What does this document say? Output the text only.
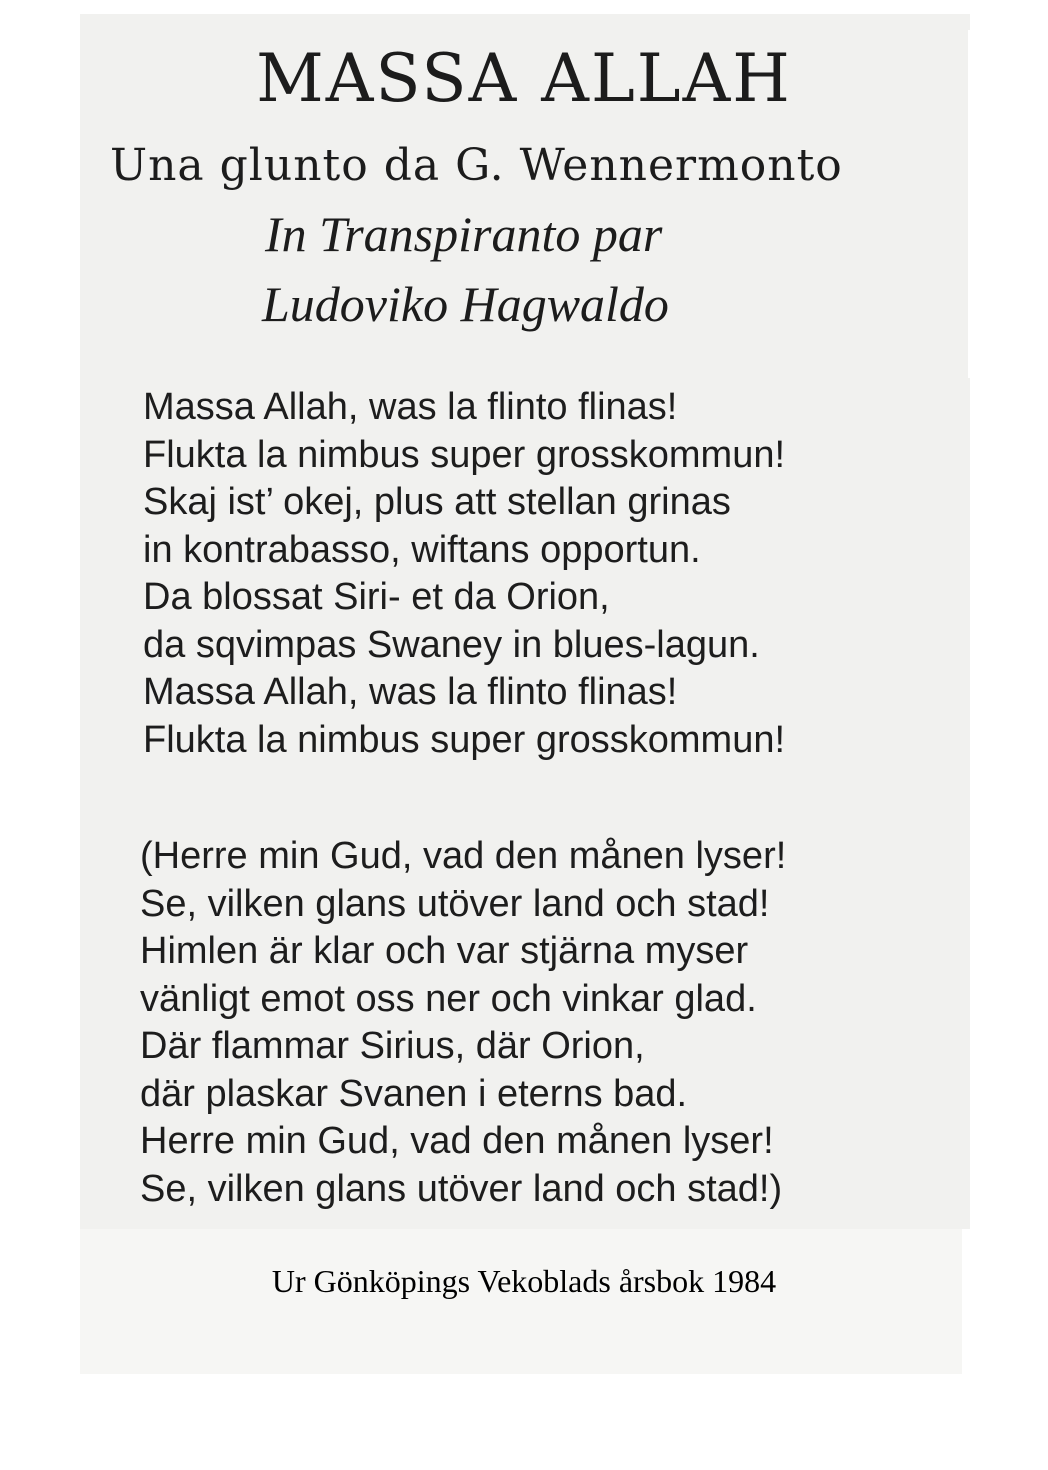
MASSA ALLAH

Una glunto da G. Wennermonto

In Transpiranto par

Ludoviko Hagwaldo

Massa Allah, was la flinto flinas!
Flukta la nimbus super grosskommun!
Skaj ist’ okej, plus att stellan grinas
in kontrabasso, wiftans opportun.
Da blossat Siri- et da Orion,
da sqvimpas Swaney in blues-lagun.
Massa Allah, was la flinto flinas!
Flukta la nimbus super grosskommun!
(Herre min Gud, vad den månen lyser!
Se, vilken glans utöver land och stad!
Himlen är klar och var stjärna myser
vänligt emot oss ner och vinkar glad.
Där flammar Sirius, där Orion,
där plaskar Svanen i eterns bad.
Herre min Gud, vad den månen lyser!
Se, vilken glans utöver land och stad!)

Ur Gönköpings Vekoblads årsbok 1984
